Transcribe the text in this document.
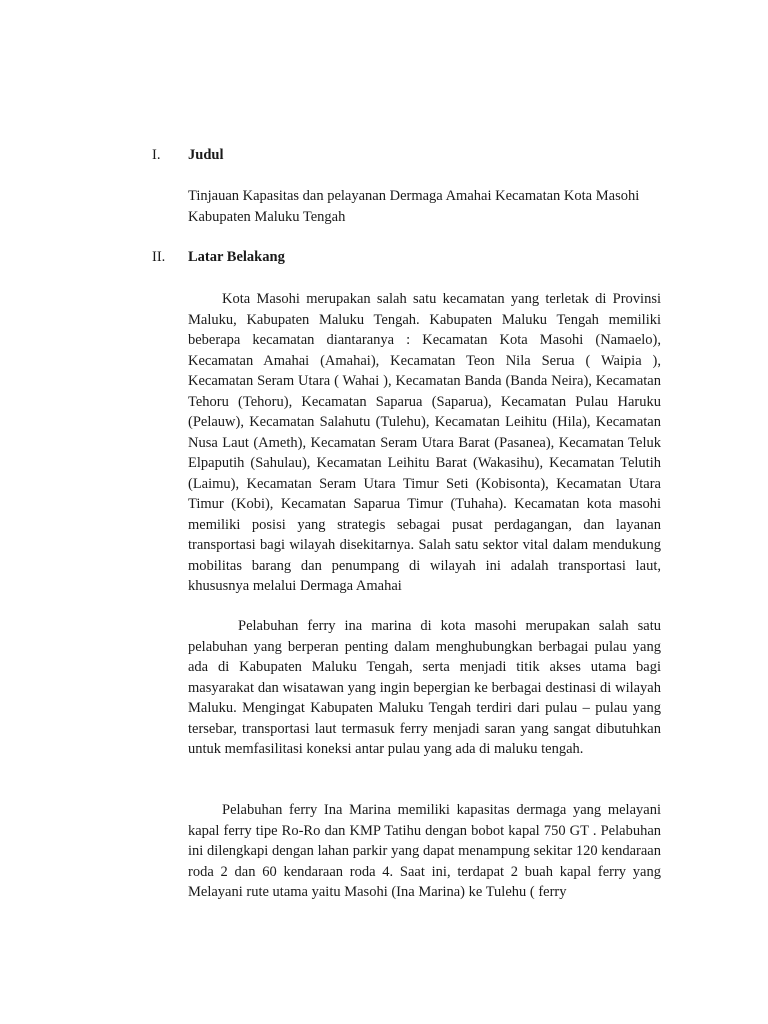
I. Judul

Tinjauan Kapasitas dan pelayanan Dermaga Amahai Kecamatan Kota Masohi Kabupaten Maluku Tengah

II. Latar Belakang

Kota Masohi merupakan salah satu kecamatan yang terletak di Provinsi Maluku, Kabupaten Maluku Tengah. Kabupaten Maluku Tengah memiliki beberapa kecamatan diantaranya : Kecamatan Kota Masohi (Namaelo), Kecamatan Amahai (Amahai), Kecamatan Teon Nila Serua ( Waipia ), Kecamatan Seram Utara ( Wahai ), Kecamatan Banda (Banda Neira), Kecamatan Tehoru (Tehoru), Kecamatan Saparua (Saparua), Kecamatan Pulau Haruku (Pelauw), Kecamatan Salahutu (Tulehu), Kecamatan Leihitu (Hila), Kecamatan Nusa Laut (Ameth), Kecamatan Seram Utara Barat (Pasanea), Kecamatan Teluk Elpaputih (Sahulau), Kecamatan Leihitu Barat (Wakasihu), Kecamatan Telutih (Laimu), Kecamatan Seram Utara Timur Seti (Kobisonta), Kecamatan Utara Timur (Kobi), Kecamatan Saparua Timur (Tuhaha). Kecamatan kota masohi memiliki posisi yang strategis sebagai pusat perdagangan, dan layanan transportasi bagi wilayah disekitarnya. Salah satu sektor vital dalam mendukung mobilitas barang dan penumpang di wilayah ini adalah transportasi laut, khususnya melalui Dermaga Amahai

Pelabuhan ferry ina marina di kota masohi merupakan salah satu pelabuhan yang berperan penting dalam menghubungkan berbagai pulau yang ada di Kabupaten Maluku Tengah, serta menjadi titik akses utama bagi masyarakat dan wisatawan yang ingin bepergian ke berbagai destinasi di wilayah Maluku. Mengingat Kabupaten Maluku Tengah terdiri dari pulau – pulau yang tersebar, transportasi laut termasuk ferry menjadi saran yang sangat dibutuhkan untuk memfasilitasi koneksi antar pulau yang ada di maluku tengah.

Pelabuhan ferry Ina Marina memiliki kapasitas dermaga yang melayani kapal ferry tipe Ro-Ro dan KMP Tatihu dengan bobot kapal 750 GT . Pelabuhan ini dilengkapi dengan lahan parkir yang dapat menampung sekitar 120 kendaraan roda 2 dan 60 kendaraan roda 4. Saat ini, terdapat 2 buah kapal ferry yang Melayani rute utama yaitu Masohi (Ina Marina) ke Tulehu ( ferry
